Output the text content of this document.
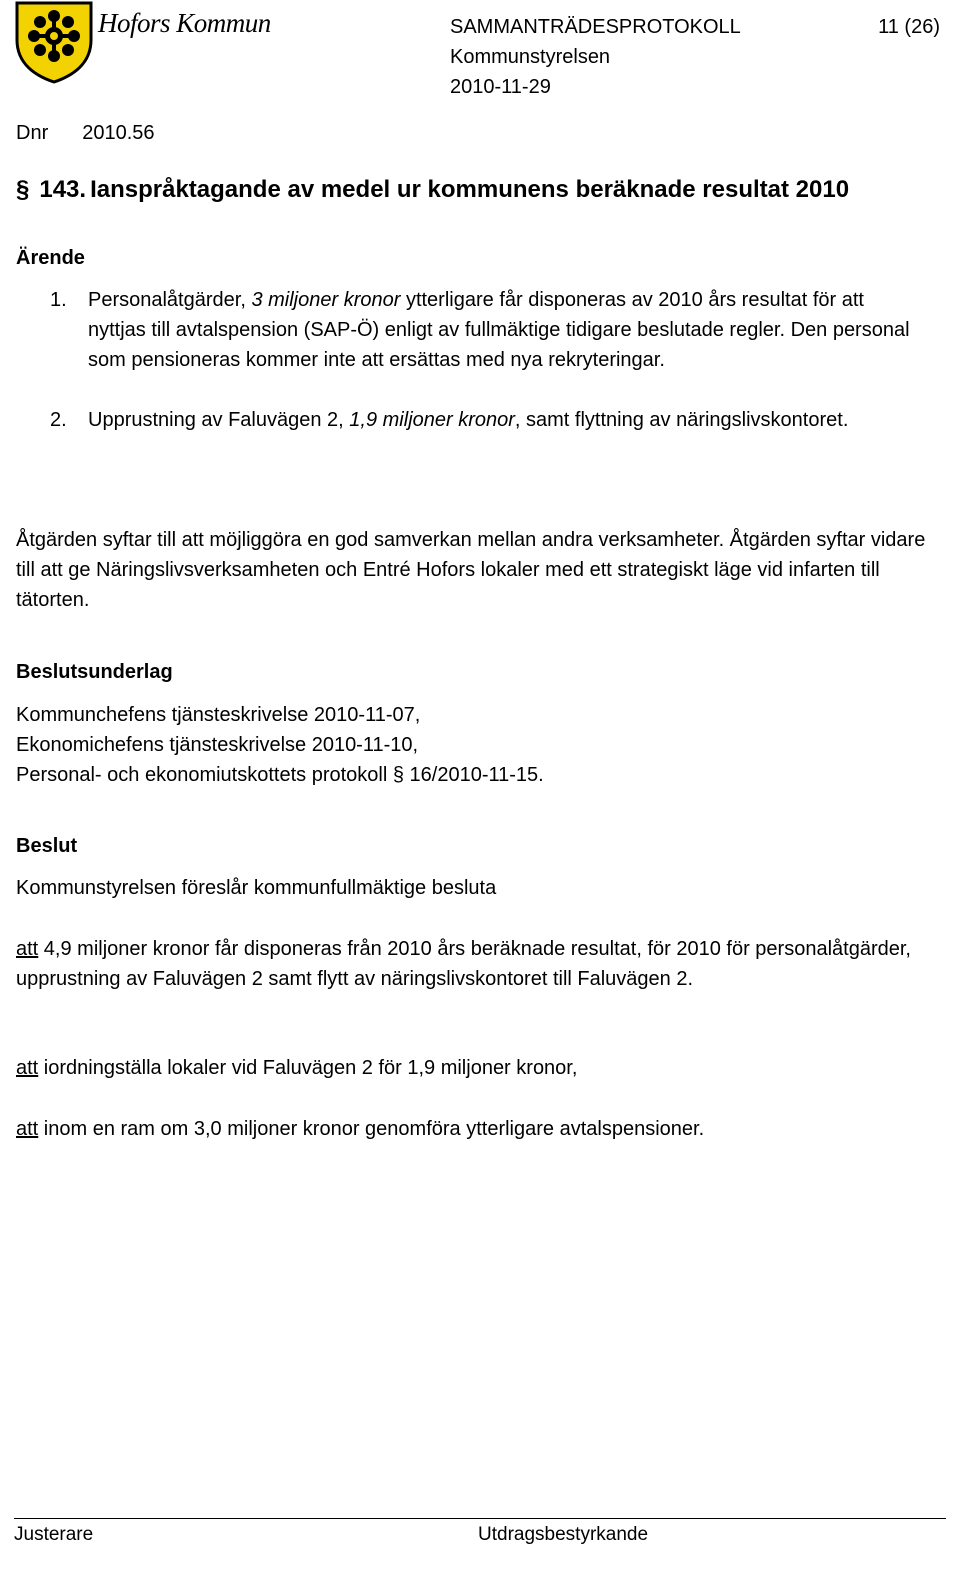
Hofors Kommun	SAMMANTRÄDESPROTOKOLL
Kommunstyrelsen
2010-11-29
11 (26)
Dnr 2010.56
§ 143. Ianspråktagande av medel ur kommunens beräknade resultat 2010
Ärende
1.	Personalåtgärder, 3 miljoner kronor ytterligare får disponeras av 2010 års resultat för att nyttjas till avtalspension (SAP-Ö) enligt av fullmäktige tidigare beslutade regler. Den personal som pensioneras kommer inte att ersättas med nya rekryteringar.
2.	Upprustning av Faluvägen 2, 1,9 miljoner kronor, samt flyttning av näringslivskontoret.
Åtgärden syftar till att möjliggöra en god samverkan mellan andra verksamheter. Åtgärden syftar vidare till att ge Näringslivsverksamheten och Entré Hofors lokaler med ett strategiskt läge vid infarten till tätorten.
Beslutsunderlag
Kommunchefens tjänsteskrivelse 2010-11-07,
Ekonomichefens tjänsteskrivelse 2010-11-10,
Personal- och ekonomiutskottets protokoll § 16/2010-11-15.
Beslut
Kommunstyrelsen föreslår kommunfullmäktige besluta
att 4,9 miljoner kronor får disponeras från 2010 års beräknade resultat, för 2010 för personalåtgärder, upprustning av Faluvägen 2 samt flytt av näringslivskontoret till Faluvägen 2.
att iordningställa lokaler vid Faluvägen 2 för 1,9 miljoner kronor,
att inom en ram om 3,0 miljoner kronor genomföra ytterligare avtalspensioner.
Justerare	Utdragsbestyrkande
